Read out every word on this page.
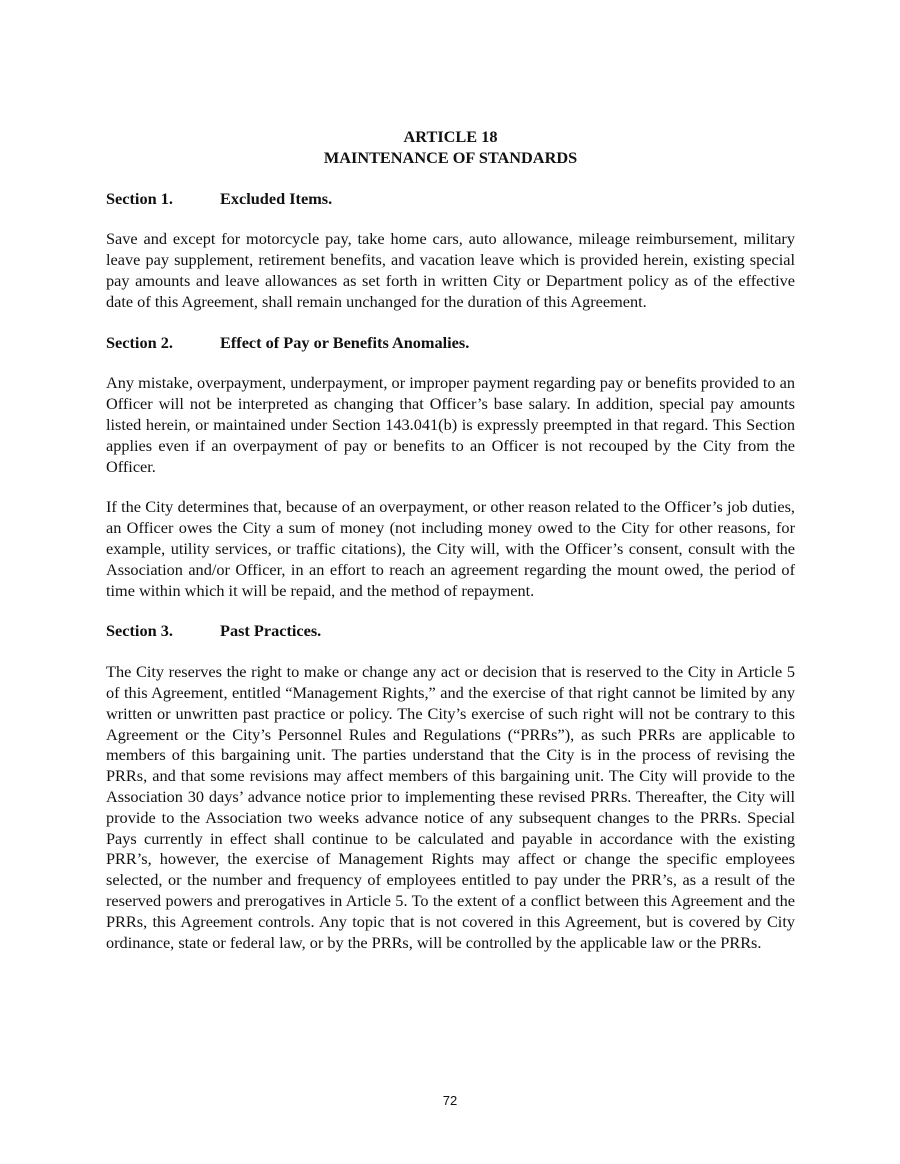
ARTICLE 18

MAINTENANCE OF STANDARDS

Section 1.	Excluded Items.

Save and except for motorcycle pay, take home cars, auto allowance, mileage reimbursement, military leave pay supplement, retirement benefits, and vacation leave which is provided herein, existing special pay amounts and leave allowances as set forth in written City or Department policy as of the effective date of this Agreement, shall remain unchanged for the duration of this Agreement.

Section 2.	Effect of Pay or Benefits Anomalies.

Any mistake, overpayment, underpayment, or improper payment regarding pay or benefits provided to an Officer will not be interpreted as changing that Officer’s base salary. In addition, special pay amounts listed herein, or maintained under Section 143.041(b) is expressly preempted in that regard. This Section applies even if an overpayment of pay or benefits to an Officer is not recouped by the City from the Officer.

If the City determines that, because of an overpayment, or other reason related to the Officer’s job duties, an Officer owes the City a sum of money (not including money owed to the City for other reasons, for example, utility services, or traffic citations), the City will, with the Officer’s consent, consult with the Association and/or Officer, in an effort to reach an agreement regarding the mount owed, the period of time within which it will be repaid, and the method of repayment.

Section 3.	Past Practices.

The City reserves the right to make or change any act or decision that is reserved to the City in Article 5 of this Agreement, entitled “Management Rights,” and the exercise of that right cannot be limited by any written or unwritten past practice or policy. The City’s exercise of such right will not be contrary to this Agreement or the City’s Personnel Rules and Regulations (“PRRs”), as such PRRs are applicable to members of this bargaining unit. The parties understand that the City is in the process of revising the PRRs, and that some revisions may affect members of this bargaining unit. The City will provide to the Association 30 days’ advance notice prior to implementing these revised PRRs. Thereafter, the City will provide to the Association two weeks advance notice of any subsequent changes to the PRRs. Special Pays currently in effect shall continue to be calculated and payable in accordance with the existing PRR’s, however, the exercise of Management Rights may affect or change the specific employees selected, or the number and frequency of employees entitled to pay under the PRR’s, as a result of the reserved powers and prerogatives in Article 5. To the extent of a conflict between this Agreement and the PRRs, this Agreement controls. Any topic that is not covered in this Agreement, but is covered by City ordinance, state or federal law, or by the PRRs, will be controlled by the applicable law or the PRRs.

72
